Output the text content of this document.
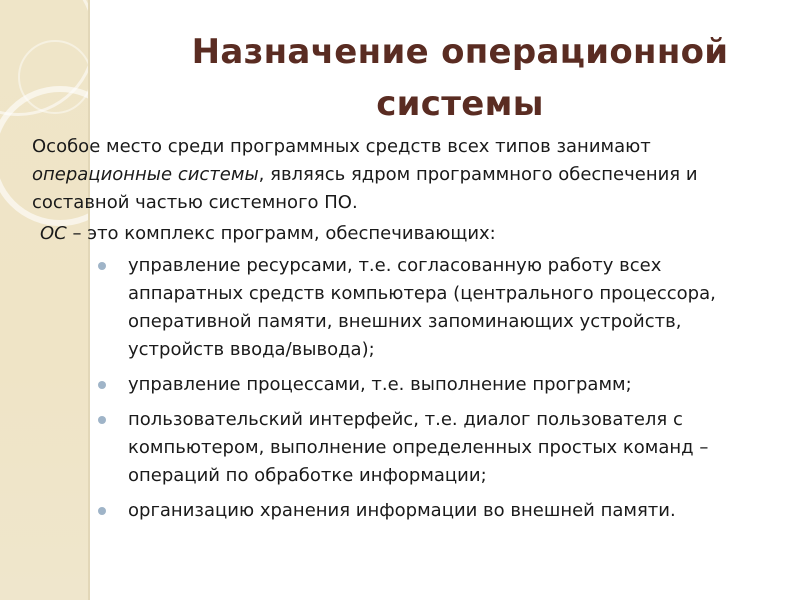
Назначение операционной
системы

Особое место среди программных средств всех типов занимают операционные системы, являясь ядром программного обеспечения и составной частью системного ПО.

ОС – это комплекс программ, обеспечивающих:

управление ресурсами, т.е. согласованную работу всех аппаратных средств компьютера (центрального процессора, оперативной памяти, внешних запоминающих устройств, устройств ввода/вывода);
управление процессами, т.е. выполнение программ;
пользовательский интерфейс, т.е. диалог пользователя с компьютером, выполнение определенных простых команд – операций по обработке информации;
организацию хранения информации во внешней памяти.
